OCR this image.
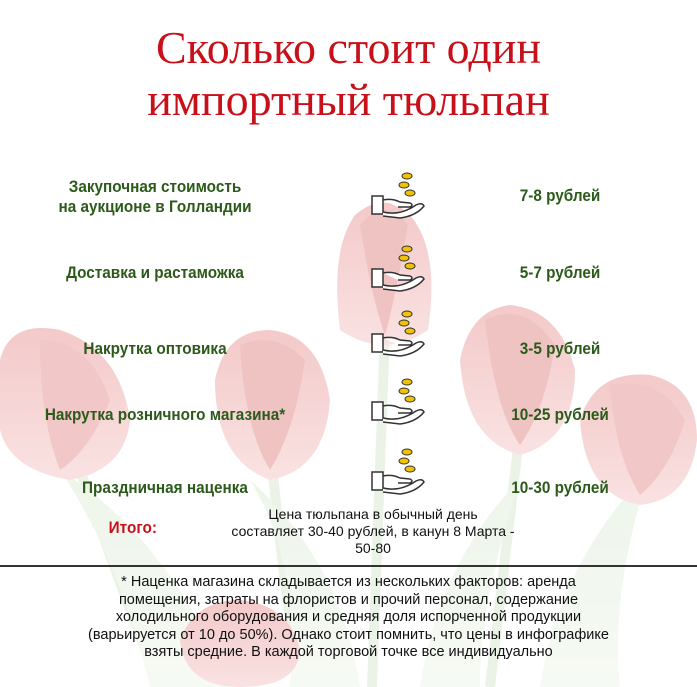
Сколько стоит один
импортный тюльпан
Закупочная стоимость
на аукционе в Голландии
7-8 рублей
Доставка и растаможка	5-7 рублей
Накрутка оптовика	3-5 рублей
Накрутка розничного магазина*	10-25 рублей
Праздничная наценка	10-30 рублей
Итого:
Цена тюльпана в обычный день
составляет 30-40 рублей, в канун 8 Марта -
50-80
* Наценка магазина складывается из нескольких факторов: аренда
помещения, затраты на флористов и прочий персонал, содержание
холодильного оборудования и средняя доля испорченной продукции
(варьируется от 10 до 50%). Однако стоит помнить, что цены в инфографике
взяты средние. В каждой торговой точке все индивидуально
